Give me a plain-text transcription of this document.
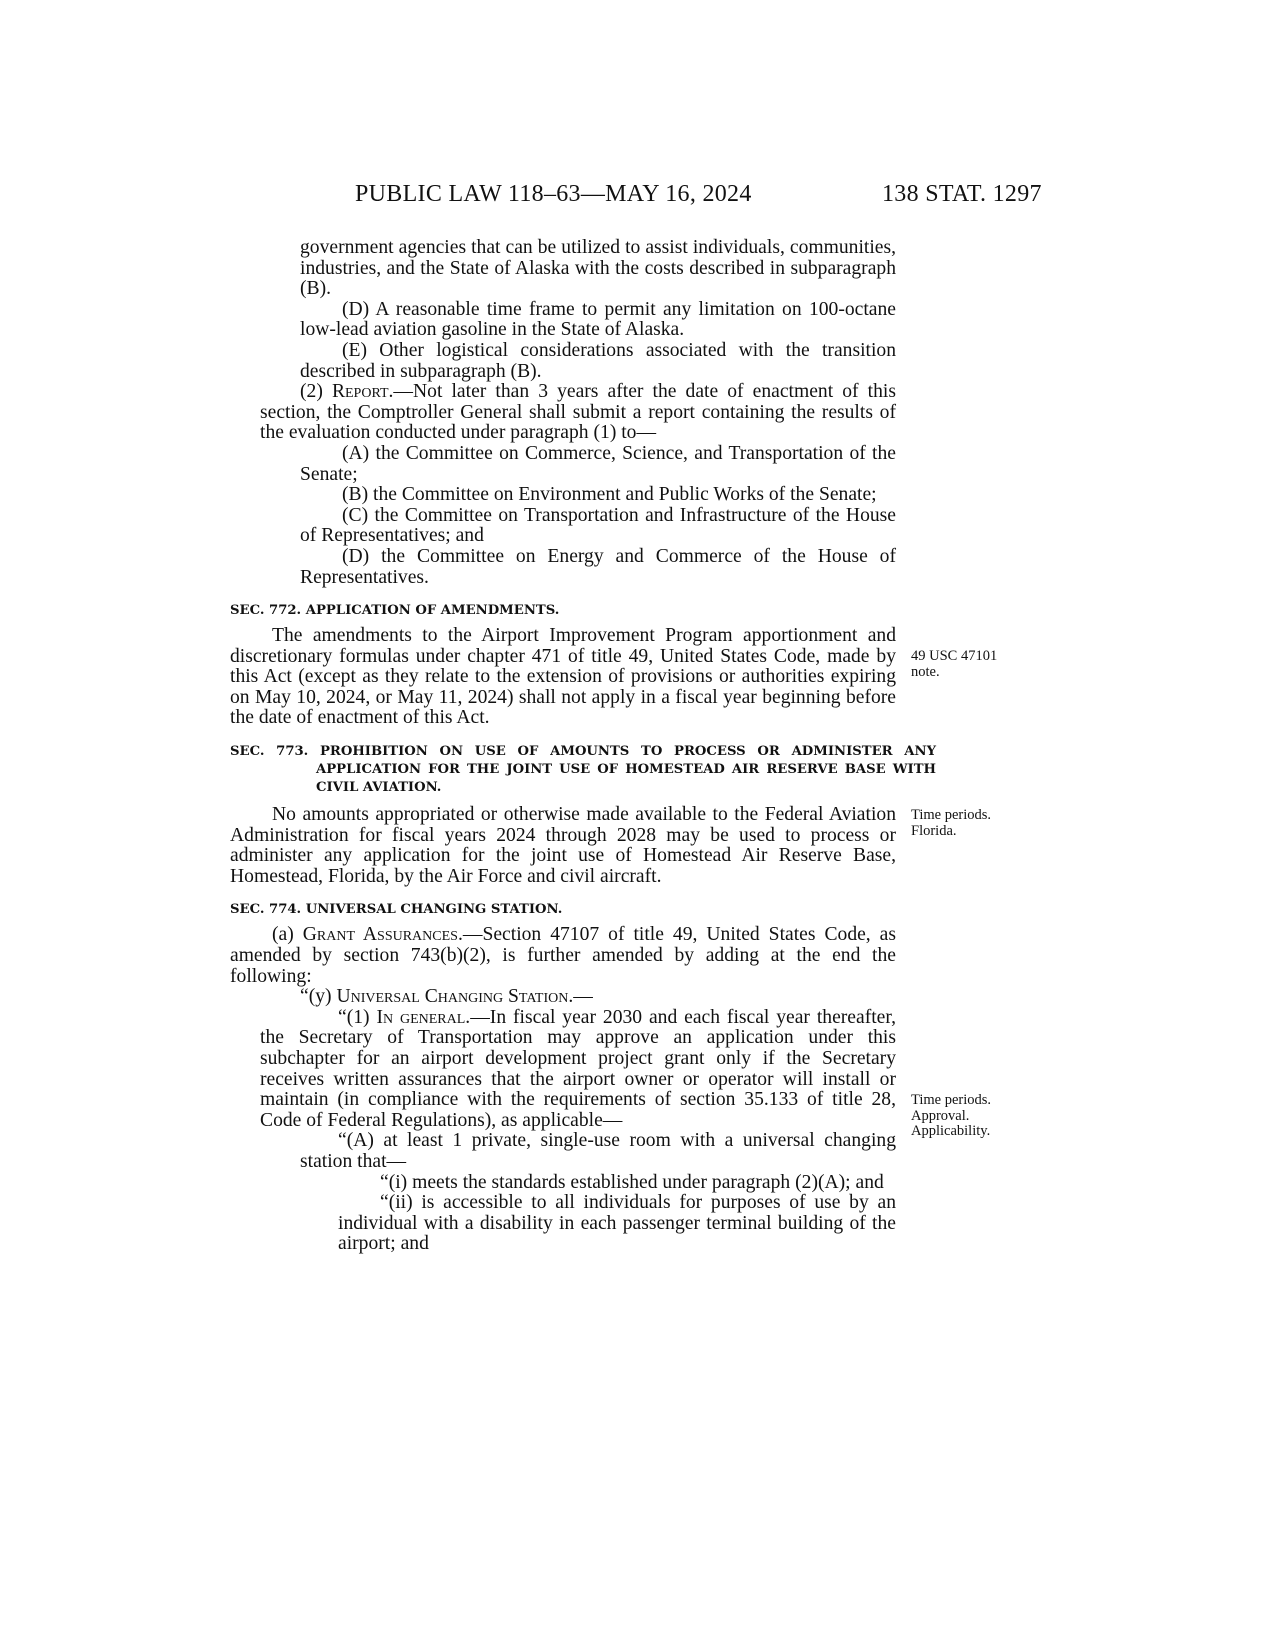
PUBLIC LAW 118–63—MAY 16, 2024	138 STAT. 1297

government agencies that can be utilized to assist individuals, communities, industries, and the State of Alaska with the costs described in subparagraph (B).

(D) A reasonable time frame to permit any limitation on 100-octane low-lead aviation gasoline in the State of Alaska.

(E) Other logistical considerations associated with the transition described in subparagraph (B).

(2) Report.—Not later than 3 years after the date of enactment of this section, the Comptroller General shall submit a report containing the results of the evaluation conducted under paragraph (1) to—

(A) the Committee on Commerce, Science, and Transportation of the Senate;

(B) the Committee on Environment and Public Works of the Senate;

(C) the Committee on Transportation and Infrastructure of the House of Representatives; and

(D) the Committee on Energy and Commerce of the House of Representatives.

SEC. 772. APPLICATION OF AMENDMENTS.

The amendments to the Airport Improvement Program apportionment and discretionary formulas under chapter 471 of title 49, United States Code, made by this Act (except as they relate to the extension of provisions or authorities expiring on May 10, 2024, or May 11, 2024) shall not apply in a fiscal year beginning before the date of enactment of this Act.

SEC. 773. PROHIBITION ON USE OF AMOUNTS TO PROCESS OR ADMINISTER ANY APPLICATION FOR THE JOINT USE OF HOMESTEAD AIR RESERVE BASE WITH CIVIL AVIATION.

No amounts appropriated or otherwise made available to the Federal Aviation Administration for fiscal years 2024 through 2028 may be used to process or administer any application for the joint use of Homestead Air Reserve Base, Homestead, Florida, by the Air Force and civil aircraft.

SEC. 774. UNIVERSAL CHANGING STATION.

(a) Grant Assurances.—Section 47107 of title 49, United States Code, as amended by section 743(b)(2), is further amended by adding at the end the following:

“(y) Universal Changing Station.—

“(1) In general.—In fiscal year 2030 and each fiscal year thereafter, the Secretary of Transportation may approve an application under this subchapter for an airport development project grant only if the Secretary receives written assurances that the airport owner or operator will install or maintain (in compliance with the requirements of section 35.133 of title 28, Code of Federal Regulations), as applicable—

“(A) at least 1 private, single-use room with a universal changing station that—

“(i) meets the standards established under paragraph (2)(A); and

“(ii) is accessible to all individuals for purposes of use by an individual with a disability in each passenger terminal building of the airport; and

49 USC 47101
note.
Time periods.
Florida.
Time periods.
Approval.
Applicability.
